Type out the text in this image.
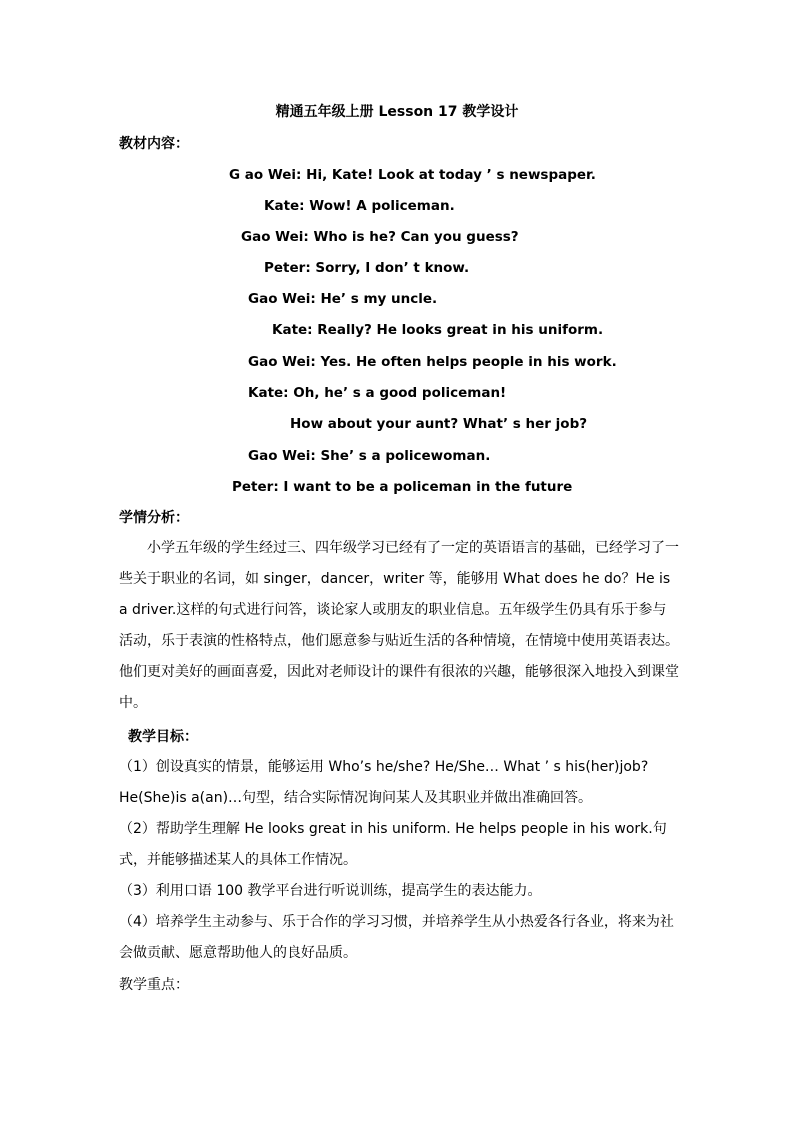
精通五年级上册 Lesson 17 教学设计
教材内容：
G ao Wei: Hi, Kate! Look at today ’ s newspaper.
Kate: Wow! A policeman.
Gao Wei: Who is he? Can you guess?
Peter: Sorry, I don’ t know.
Gao Wei: He’ s my uncle.
Kate: Really? He looks great in his uniform.
Gao Wei: Yes. He often helps people in his work.
Kate: Oh, he’ s a good policeman!
How about your aunt? What’ s her job?
Gao Wei: She’ s a policewoman.
Peter: I want to be a policeman in the future
学情分析：
小学五年级的学生经过三、四年级学习已经有了一定的英语语言的基础，已经学习了一些关于职业的名词，如 singer，dancer，writer 等，能够用 What does he do？He is a driver.这样的句式进行问答，谈论家人或朋友的职业信息。五年级学生仍具有乐于参与活动，乐于表演的性格特点，他们愿意参与贴近生活的各种情境，在情境中使用英语表达。他们更对美好的画面喜爱，因此对老师设计的课件有很浓的兴趣，能够很深入地投入到课堂中。
教学目标：
（1）创设真实的情景，能够运用 Who’s he/she? He/She… What ’ s his(her)job? He(She)is a(an)…句型，结合实际情况询问某人及其职业并做出准确回答。
（2）帮助学生理解 He looks great in his uniform. He helps people in his work.句式，并能够描述某人的具体工作情况。
（3）利用口语 100 教学平台进行听说训练，提高学生的表达能力。
（4）培养学生主动参与、乐于合作的学习习惯，并培养学生从小热爱各行各业，将来为社会做贡献、愿意帮助他人的良好品质。
教学重点：
